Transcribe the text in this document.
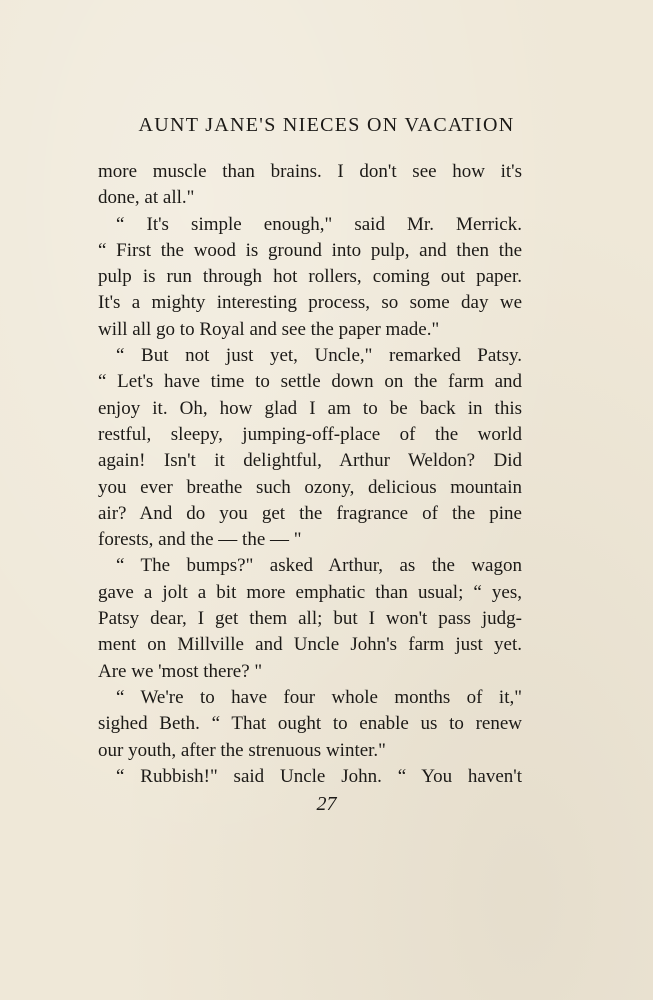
AUNT JANE'S NIECES ON VACATION
more muscle than brains. I don't see how it's
done, at all."
“ It's simple enough," said Mr. Merrick.
“ First the wood is ground into pulp, and then the
pulp is run through hot rollers, coming out paper.
It's a mighty interesting process, so some day we
will all go to Royal and see the paper made."
“ But not just yet, Uncle," remarked Patsy.
“ Let's have time to settle down on the farm and
enjoy it. Oh, how glad I am to be back in this
restful, sleepy, jumping-off-place of the world
again! Isn't it delightful, Arthur Weldon? Did
you ever breathe such ozony, delicious mountain
air? And do you get the fragrance of the pine
forests, and the — the — "
“ The bumps?" asked Arthur, as the wagon
gave a jolt a bit more emphatic than usual; “ yes,
Patsy dear, I get them all; but I won't pass judg-
ment on Millville and Uncle John's farm just yet.
Are we 'most there? "
“ We're to have four whole months of it,"
sighed Beth. “ That ought to enable us to renew
our youth, after the strenuous winter."
“ Rubbish!" said Uncle John. “ You haven't
27
